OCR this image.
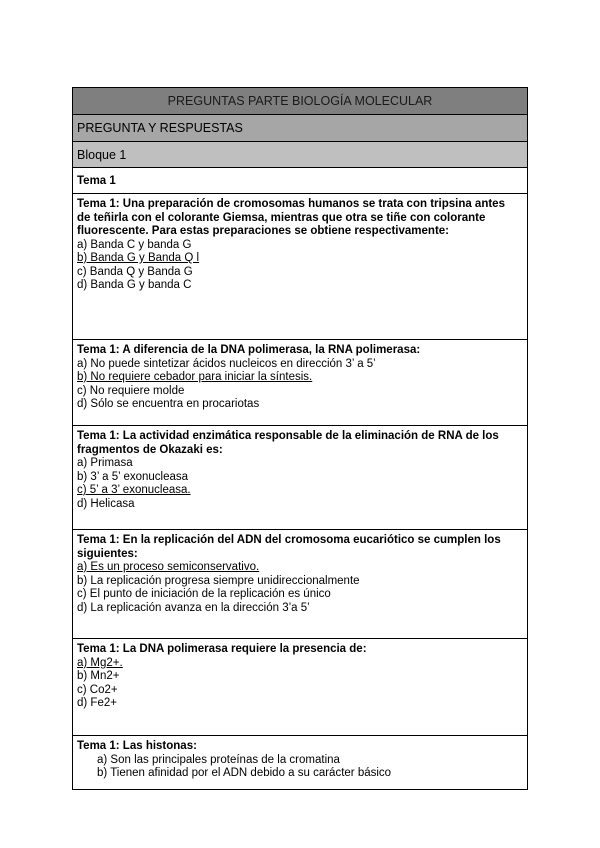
PREGUNTAS PARTE BIOLOGÍA MOLECULAR
PREGUNTA Y RESPUESTAS
Bloque 1
Tema 1
Tema 1: Una preparación de cromosomas humanos se trata con tripsina antes de teñirla con el colorante Giemsa, mientras que otra se tiñe con colorante fluorescente. Para estas preparaciones se obtiene respectivamente:
a) Banda C y banda G
b) Banda G y Banda Q l
c) Banda Q y Banda G
d) Banda G y banda C
Tema 1: A diferencia de la DNA polimerasa, la RNA polimerasa:
a) No puede sintetizar ácidos nucleicos en dirección 3’ a 5’
b) No requiere cebador para iniciar la síntesis.
c) No requiere molde
d) Sólo se encuentra en procariotas
Tema 1: La actividad enzimática responsable de la eliminación de RNA de los fragmentos de Okazaki es:
a) Primasa
b) 3’ a 5’ exonucleasa
c) 5’ a 3’ exonucleasa.
d) Helicasa
Tema 1: En la replicación del ADN del cromosoma eucariótico se cumplen los siguientes:
a) Es un proceso semiconservativo.
b) La replicación progresa siempre unidireccionalmente
c) El punto de iniciación de la replicación es único
d) La replicación avanza en la dirección 3’a 5’
Tema 1: La DNA polimerasa requiere la presencia de:
a) Mg2+.
b) Mn2+
c) Co2+
d) Fe2+
Tema 1: Las histonas:
a) Son las principales proteínas de la cromatina
b) Tienen afinidad por el ADN debido a su carácter básico
